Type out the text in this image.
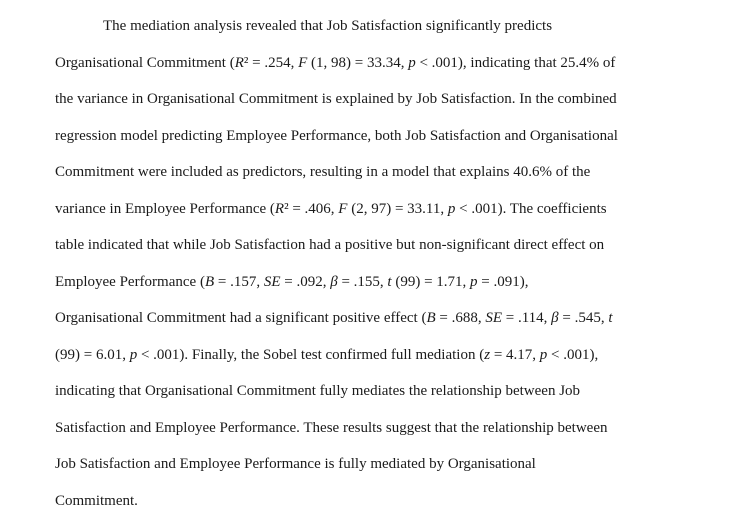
The mediation analysis revealed that Job Satisfaction significantly predicts
Organisational Commitment (R² = .254, F (1, 98) = 33.34, p < .001), indicating that 25.4% of
the variance in Organisational Commitment is explained by Job Satisfaction. In the combined
regression model predicting Employee Performance, both Job Satisfaction and Organisational
Commitment were included as predictors, resulting in a model that explains 40.6% of the
variance in Employee Performance (R² = .406, F (2, 97) = 33.11, p < .001). The coefficients
table indicated that while Job Satisfaction had a positive but non-significant direct effect on
Employee Performance (B = .157, SE = .092, β = .155, t (99) = 1.71, p = .091),
Organisational Commitment had a significant positive effect (B = .688, SE = .114, β = .545, t
(99) = 6.01, p < .001). Finally, the Sobel test confirmed full mediation (z = 4.17, p < .001),
indicating that Organisational Commitment fully mediates the relationship between Job
Satisfaction and Employee Performance. These results suggest that the relationship between
Job Satisfaction and Employee Performance is fully mediated by Organisational
Commitment.
